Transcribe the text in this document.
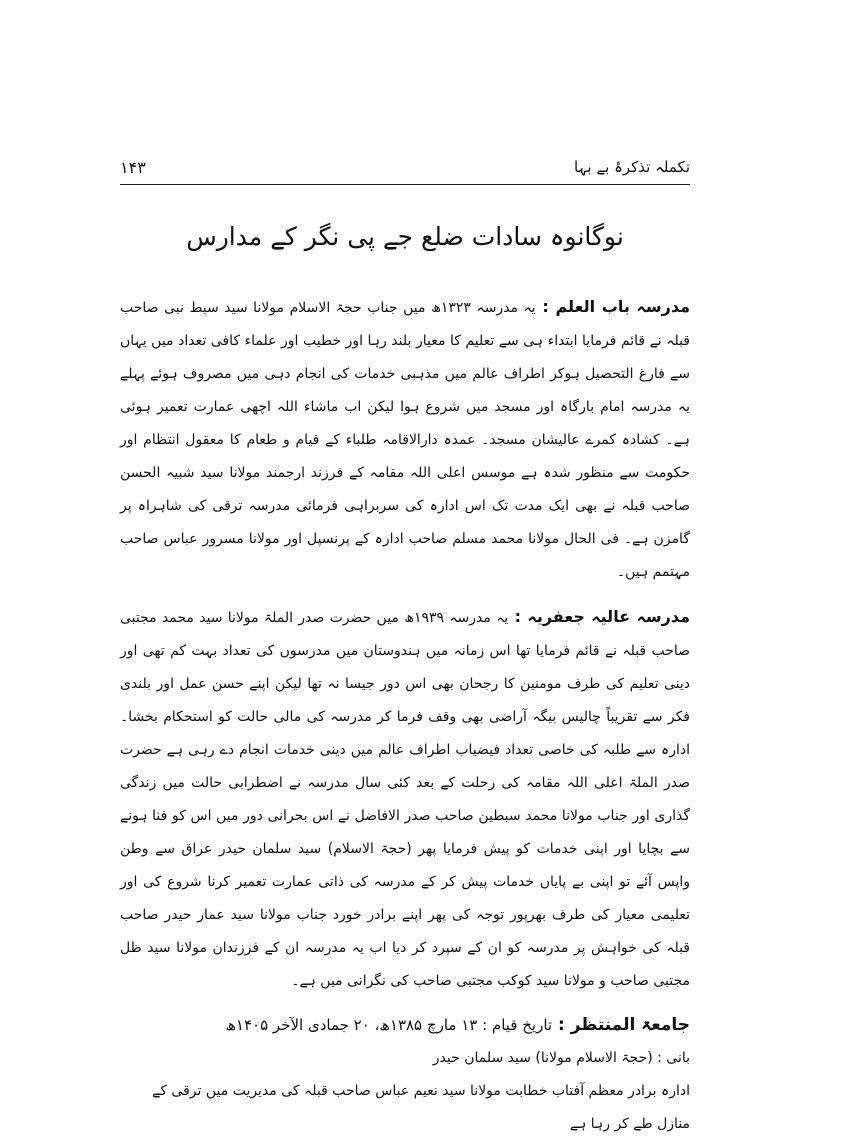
۱۴۳	تکملہ تذکرۂ بے بہا
نوگانوہ سادات ضلع جے پی نگر کے مدارس

مدرسہ باب العلم : یہ مدرسہ ۱۳۲۳ھ میں جناب حجۃ الاسلام مولانا سید سبط نبی صاحب قبلہ نے قائم فرمایا ابتداء ہی سے تعلیم کا معیار بلند رہا اور خطیب اور علماء کافی تعداد میں یہاں سے فارغ التحصیل ہوکر اطراف عالم میں مذہبی خدمات کی انجام دہی میں مصروف ہوئے پہلے یہ مدرسہ امام بارگاہ اور مسجد میں شروع ہوا لیکن اب ماشاء اللہ اچھی عمارت تعمیر ہوئی ہے۔ کشادہ کمرے عالیشان مسجد۔ عمدہ دارالاقامہ طلباء کے قیام و طعام کا معقول انتظام اور حکومت سے منظور شدہ ہے موسس اعلی اللہ مقامہ کے فرزند ارجمند مولانا سید شبیہ الحسن صاحب قبلہ نے بھی ایک مدت تک اس ادارہ کی سربراہی فرمائی مدرسہ ترقی کی شاہراہ پر گامزن ہے۔ فی الحال مولانا محمد مسلم صاحب ادارہ کے پرنسپل اور مولانا مسرور عباس صاحب مہتمم ہیں۔

مدرسہ عالیہ جعفریہ : یہ مدرسہ ۱۹۳۹ھ میں حضرت صدر الملۃ مولانا سید محمد مجتبی صاحب قبلہ نے قائم فرمایا تھا اس زمانہ میں ہندوستان میں مدرسوں کی تعداد بہت کم تھی اور دینی تعلیم کی طرف مومنین کا رجحان بھی اس دور جیسا نہ تھا لیکن اپنے حسن عمل اور بلندی فکر سے تقریباً چالیس بیگہ آراضی بھی وقف فرما کر مدرسہ کی مالی حالت کو استحکام بخشا۔ ادارہ سے طلبہ کی خاصی تعداد فیضیاب اطراف عالم میں دینی خدمات انجام دے رہی ہے حضرت صدر الملۃ اعلی اللہ مقامہ کی رحلت کے بعد کئی سال مدرسہ نے اضطرابی حالت میں زندگی گذاری اور جناب مولانا محمد سبطین صاحب صدر الافاضل نے اس بحرانی دور میں اس کو فنا ہونے سے بچایا اور اپنی خدمات کو پیش فرمایا پھر (حجۃ الاسلام) سید سلمان حیدر عراق سے وطن واپس آئے تو اپنی بے پایاں خدمات پیش کر کے مدرسہ کی ذاتی عمارت تعمیر کرنا شروع کی اور تعلیمی معیار کی طرف بھرپور توجہ کی پھر اپنے برادر خورد جناب مولانا سید عمار حیدر صاحب قبلہ کی خواہش پر مدرسہ کو ان کے سپرد کر دیا اب یہ مدرسہ ان کے فرزندان مولانا سید ظل مجتبی صاحب و مولانا سید کوکب مجتبی صاحب کی نگرانی میں ہے۔

جامعۃ المنتظر : تاریخ قیام : ۱۳ مارچ ۱۳۸۵ھ، ۲۰ جمادی الآخر ۱۴۰۵ھ
بانی : (حجۃ الاسلام مولانا) سید سلمان حیدر
ادارہ برادر معظم آفتاب خطابت مولانا سید نعیم عباس صاحب قبلہ کی مدیریت میں ترقی کے منازل طے کر رہا ہے
